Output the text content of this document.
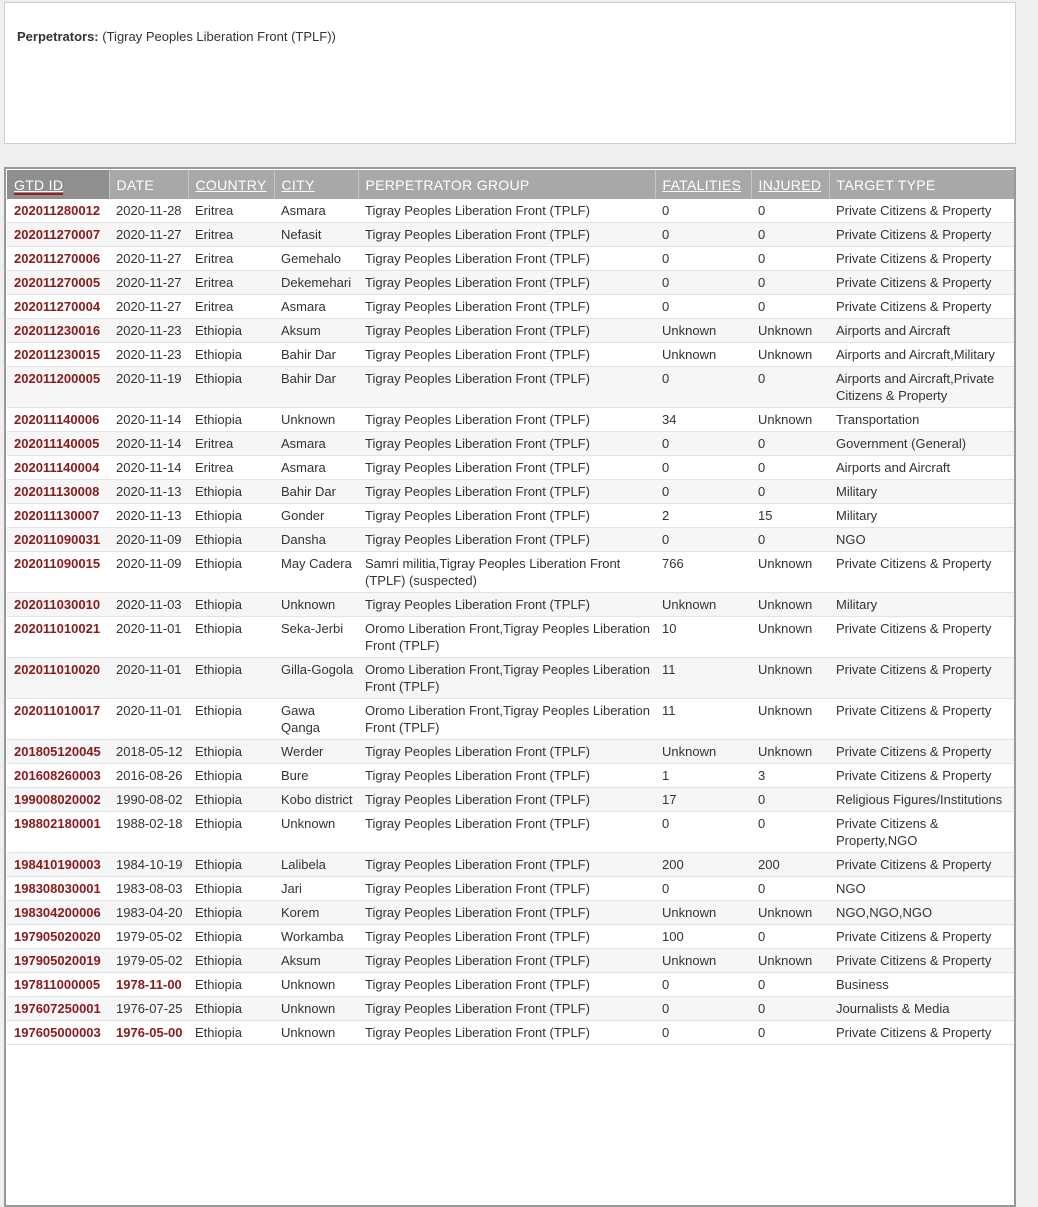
Perpetrators: (Tigray Peoples Liberation Front (TPLF))
GTD ID	DATE	COUNTRY	CITY	PERPETRATOR GROUP	FATALITIES	INJURED	TARGET TYPE
202011280012	2020-11-28	Eritrea	Asmara	Tigray Peoples Liberation Front (TPLF)	0	0	Private Citizens & Property
202011270007	2020-11-27	Eritrea	Nefasit	Tigray Peoples Liberation Front (TPLF)	0	0	Private Citizens & Property
202011270006	2020-11-27	Eritrea	Gemehalo	Tigray Peoples Liberation Front (TPLF)	0	0	Private Citizens & Property
202011270005	2020-11-27	Eritrea	Dekemehari	Tigray Peoples Liberation Front (TPLF)	0	0	Private Citizens & Property
202011270004	2020-11-27	Eritrea	Asmara	Tigray Peoples Liberation Front (TPLF)	0	0	Private Citizens & Property
202011230016	2020-11-23	Ethiopia	Aksum	Tigray Peoples Liberation Front (TPLF)	Unknown	Unknown	Airports and Aircraft
202011230015	2020-11-23	Ethiopia	Bahir Dar	Tigray Peoples Liberation Front (TPLF)	Unknown	Unknown	Airports and Aircraft,Military
202011200005	2020-11-19	Ethiopia	Bahir Dar	Tigray Peoples Liberation Front (TPLF)	0	0	Airports and Aircraft,Private Citizens & Property
202011140006	2020-11-14	Ethiopia	Unknown	Tigray Peoples Liberation Front (TPLF)	34	Unknown	Transportation
202011140005	2020-11-14	Eritrea	Asmara	Tigray Peoples Liberation Front (TPLF)	0	0	Government (General)
202011140004	2020-11-14	Eritrea	Asmara	Tigray Peoples Liberation Front (TPLF)	0	0	Airports and Aircraft
202011130008	2020-11-13	Ethiopia	Bahir Dar	Tigray Peoples Liberation Front (TPLF)	0	0	Military
202011130007	2020-11-13	Ethiopia	Gonder	Tigray Peoples Liberation Front (TPLF)	2	15	Military
202011090031	2020-11-09	Ethiopia	Dansha	Tigray Peoples Liberation Front (TPLF)	0	0	NGO
202011090015	2020-11-09	Ethiopia	May Cadera	Samri militia,Tigray Peoples Liberation Front (TPLF) (suspected)	766	Unknown	Private Citizens & Property
202011030010	2020-11-03	Ethiopia	Unknown	Tigray Peoples Liberation Front (TPLF)	Unknown	Unknown	Military
202011010021	2020-11-01	Ethiopia	Seka-Jerbi	Oromo Liberation Front,Tigray Peoples Liberation Front (TPLF)	10	Unknown	Private Citizens & Property
202011010020	2020-11-01	Ethiopia	Gilla-Gogola	Oromo Liberation Front,Tigray Peoples Liberation Front (TPLF)	11	Unknown	Private Citizens & Property
202011010017	2020-11-01	Ethiopia	Gawa Qanga	Oromo Liberation Front,Tigray Peoples Liberation Front (TPLF)	11	Unknown	Private Citizens & Property
201805120045	2018-05-12	Ethiopia	Werder	Tigray Peoples Liberation Front (TPLF)	Unknown	Unknown	Private Citizens & Property
201608260003	2016-08-26	Ethiopia	Bure	Tigray Peoples Liberation Front (TPLF)	1	3	Private Citizens & Property
199008020002	1990-08-02	Ethiopia	Kobo district	Tigray Peoples Liberation Front (TPLF)	17	0	Religious Figures/Institutions
198802180001	1988-02-18	Ethiopia	Unknown	Tigray Peoples Liberation Front (TPLF)	0	0	Private Citizens & Property,NGO
198410190003	1984-10-19	Ethiopia	Lalibela	Tigray Peoples Liberation Front (TPLF)	200	200	Private Citizens & Property
198308030001	1983-08-03	Ethiopia	Jari	Tigray Peoples Liberation Front (TPLF)	0	0	NGO
198304200006	1983-04-20	Ethiopia	Korem	Tigray Peoples Liberation Front (TPLF)	Unknown	Unknown	NGO,NGO,NGO
197905020020	1979-05-02	Ethiopia	Workamba	Tigray Peoples Liberation Front (TPLF)	100	0	Private Citizens & Property
197905020019	1979-05-02	Ethiopia	Aksum	Tigray Peoples Liberation Front (TPLF)	Unknown	Unknown	Private Citizens & Property
197811000005	1978-11-00	Ethiopia	Unknown	Tigray Peoples Liberation Front (TPLF)	0	0	Business
197607250001	1976-07-25	Ethiopia	Unknown	Tigray Peoples Liberation Front (TPLF)	0	0	Journalists & Media
197605000003	1976-05-00	Ethiopia	Unknown	Tigray Peoples Liberation Front (TPLF)	0	0	Private Citizens & Property
